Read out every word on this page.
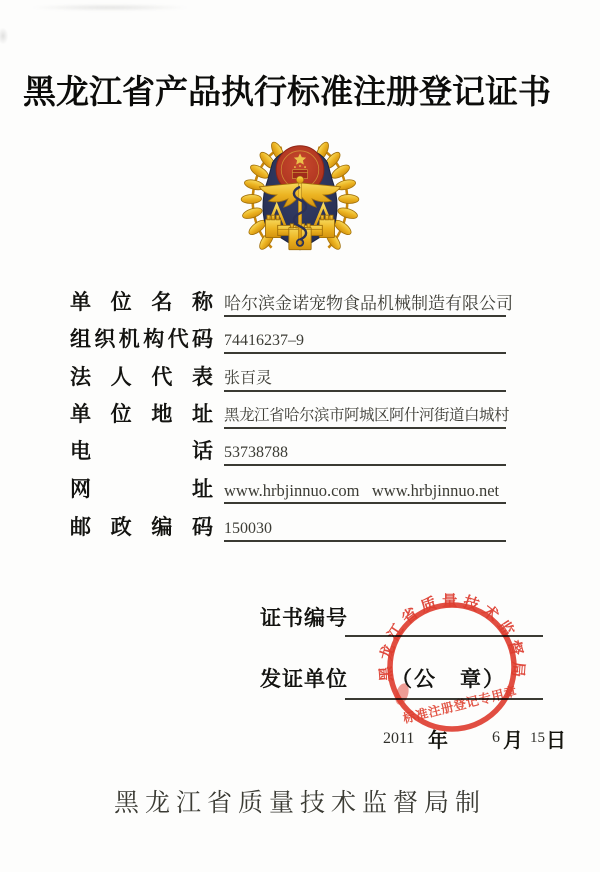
黑龙江省产品执行标准注册登记证书
单位名称 哈尔滨金诺宠物食品机械制造有限公司
组织机构代码 74416237–9
法人代表 张百灵
单位地址 黑龙江省哈尔滨市阿城区阿什河街道白城村
电话 53738788
网址 www.hrbjinnuo.com   www.hrbjinnuo.net
邮政编码 150030
证书编号
发证单位 （公　章）
2011 年	6 月 15 日
黑龙江省质量技术监督局
标准注册登记专用章
黑龙江省质量技术监督局制
